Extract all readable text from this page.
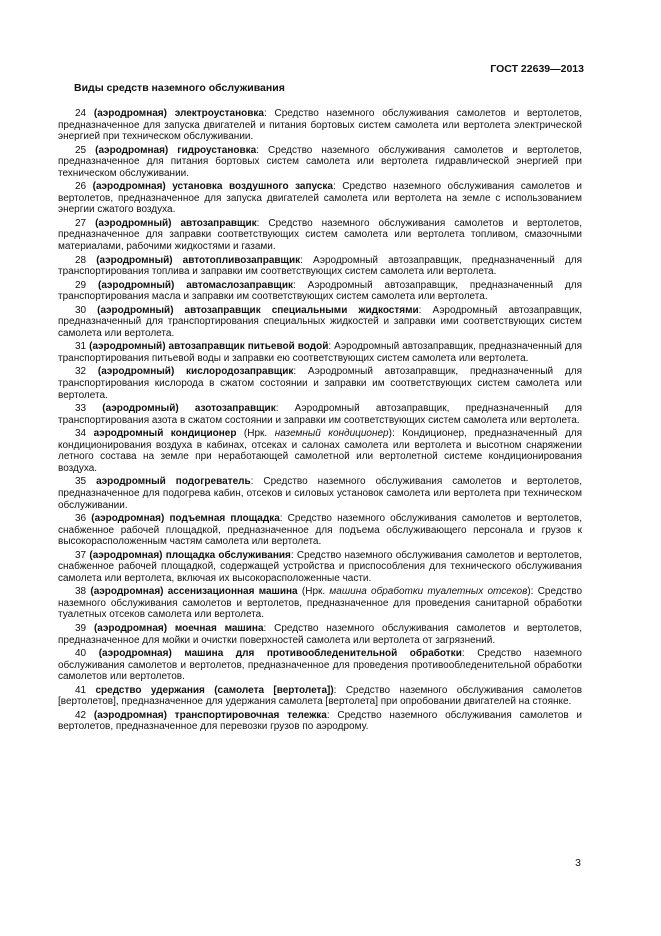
ГОСТ 22639—2013
Виды средств наземного обслуживания

24 (аэродромная) электроустановка: Средство наземного обслуживания самолетов и вертолетов, предназначенное для запуска двигателей и питания бортовых систем самолета или вертолета электрической энергией при техническом обслуживании.

25 (аэродромная) гидроустановка: Средство наземного обслуживания самолетов и вертолетов, предназначенное для питания бортовых систем самолета или вертолета гидравлической энергией при техническом обслуживании.

26 (аэродромная) установка воздушного запуска: Средство наземного обслуживания самолетов и вертолетов, предназначенное для запуска двигателей самолета или вертолета на земле с использованием энергии сжатого воздуха.

27 (аэродромный) автозаправщик: Средство наземного обслуживания самолетов и вертолетов, предназначенное для заправки соответствующих систем самолета или вертолета топливом, смазочными материалами, рабочими жидкостями и газами.

28 (аэродромный) автотопливозаправщик: Аэродромный автозаправщик, предназначенный для транспортирования топлива и заправки им соответствующих систем самолета или вертолета.

29 (аэродромный) автомаслозаправщик: Аэродромный автозаправщик, предназначенный для транспортирования масла и заправки им соответствующих систем самолета или вертолета.

30 (аэродромный) автозаправщик специальными жидкостями: Аэродромный автозаправщик, предназначенный для транспортирования специальных жидкостей и заправки ими соответствующих систем самолета или вертолета.

31 (аэродромный) автозаправщик питьевой водой: Аэродромный автозаправщик, предназначенный для транспортирования питьевой воды и заправки ею соответствующих систем самолета или вертолета.

32 (аэродромный) кислородозаправщик: Аэродромный автозаправщик, предназначенный для транспортирования кислорода в сжатом состоянии и заправки им соответствующих систем самолета или вертолета.

33 (аэродромный) азотозаправщик: Аэродромный автозаправщик, предназначенный для транспортирования азота в сжатом состоянии и заправки им соответствующих систем самолета или вертолета.

34 аэродромный кондиционер (Нрк. наземный кондиционер): Кондиционер, предназначенный для кондиционирования воздуха в кабинах, отсеках и салонах самолета или вертолета и высотном снаряжении летного состава на земле при неработающей самолетной или вертолетной системе кондиционирования воздуха.

35 аэродромный подогреватель: Средство наземного обслуживания самолетов и вертолетов, предназначенное для подогрева кабин, отсеков и силовых установок самолета или вертолета при техническом обслуживании.

36 (аэродромная) подъемная площадка: Средство наземного обслуживания самолетов и вертолетов, снабженное рабочей площадкой, предназначенное для подъема обслуживающего персонала и грузов к высокорасположенным частям самолета или вертолета.

37 (аэродромная) площадка обслуживания: Средство наземного обслуживания самолетов и вертолетов, снабженное рабочей площадкой, содержащей устройства и приспособления для технического обслуживания самолета или вертолета, включая их высокорасположенные части.

38 (аэродромная) ассенизационная машина (Нрк. машина обработки туалетных отсеков): Средство наземного обслуживания самолетов и вертолетов, предназначенное для проведения санитарной обработки туалетных отсеков самолета или вертолета.

39 (аэродромная) моечная машина: Средство наземного обслуживания самолетов и вертолетов, предназначенное для мойки и очистки поверхностей самолета или вертолета от загрязнений.

40 (аэродромная) машина для противообледенительной обработки: Средство наземного обслуживания самолетов и вертолетов, предназначенное для проведения противообледенительной обработки самолетов или вертолетов.

41 средство удержания (самолета [вертолета]): Средство наземного обслуживания самолетов [вертолетов], предназначенное для удержания самолета [вертолета] при опробовании двигателей на стоянке.

42 (аэродромная) транспортировочная тележка: Средство наземного обслуживания самолетов и вертолетов, предназначенное для перевозки грузов по аэродрому.

3
